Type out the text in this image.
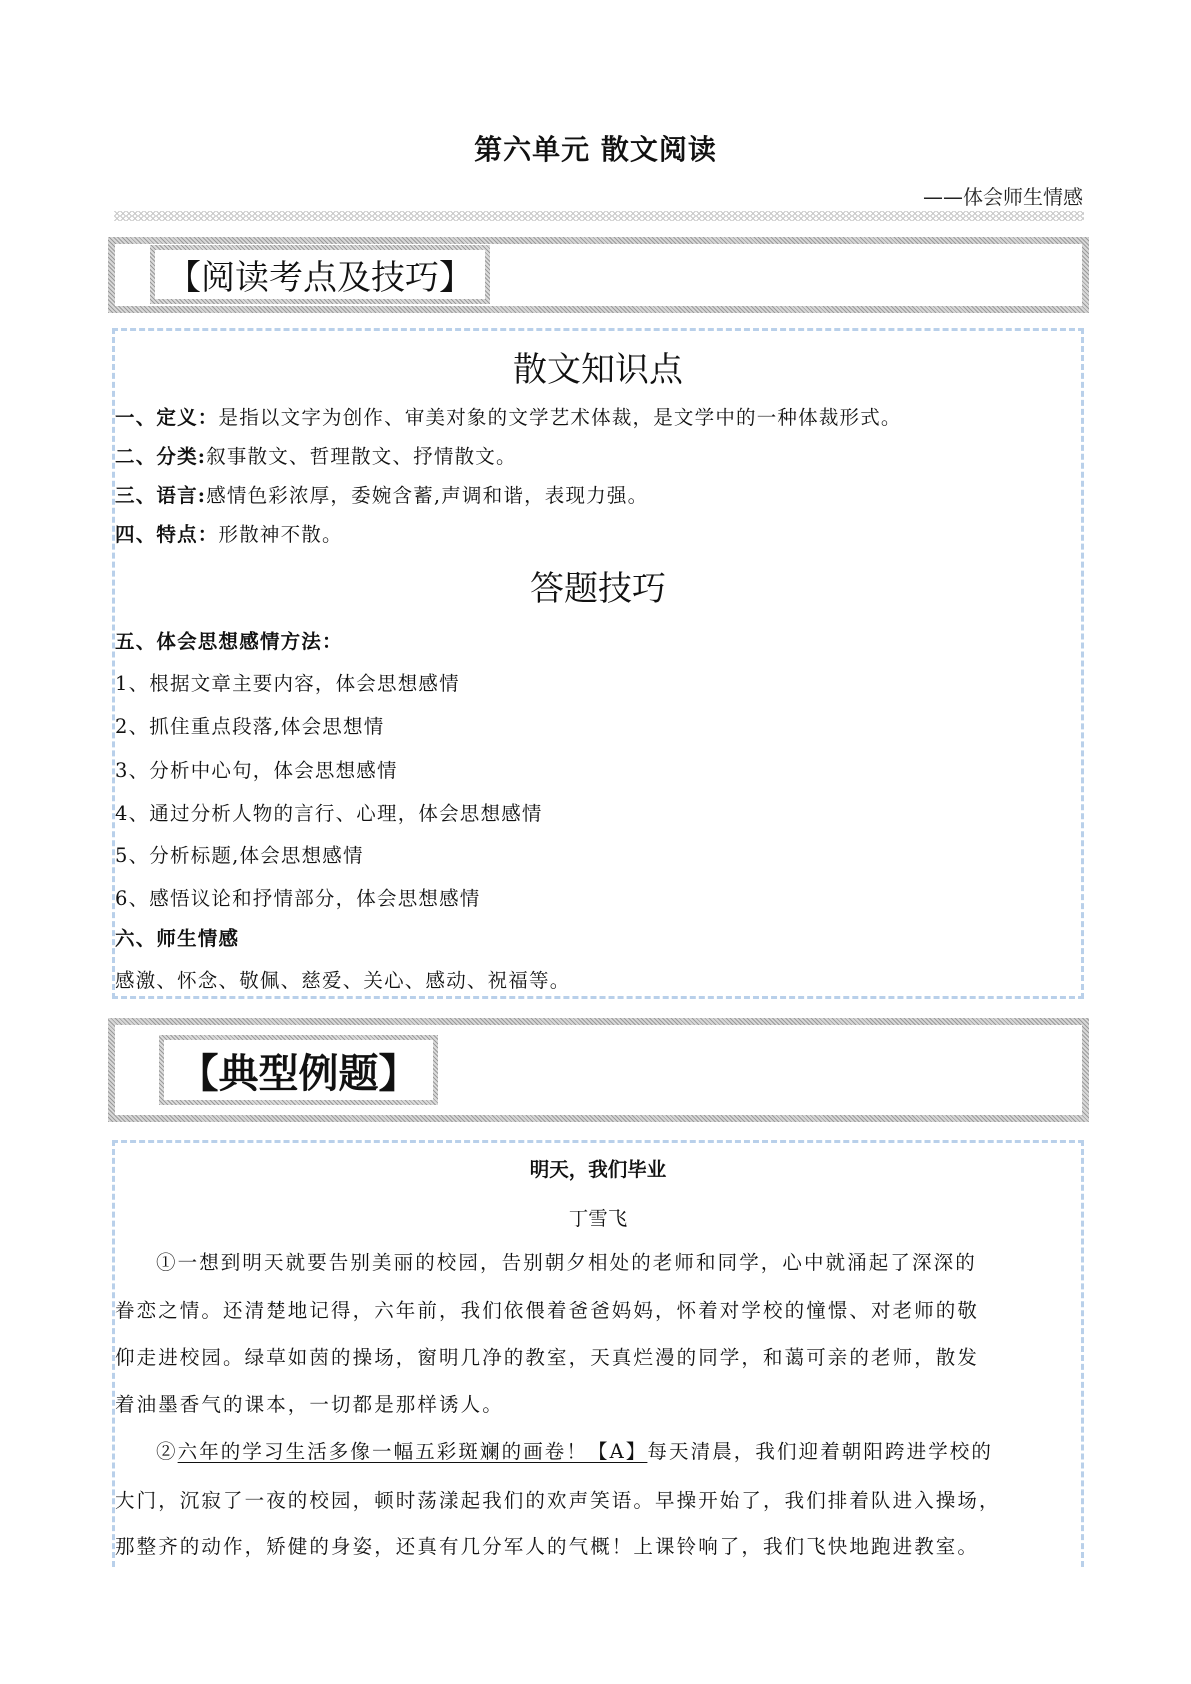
第六单元 散文阅读
——体会师生情感
【阅读考点及技巧】
散文知识点
一、定义：是指以文字为创作、审美对象的文学艺术体裁，是文学中的一种体裁形式。
二、分类:叙事散文、哲理散文、抒情散文。
三、语言:感情色彩浓厚，委婉含蓄,声调和谐，表现力强。
四、特点：形散神不散。
答题技巧
五、体会思想感情方法：
1、根据文章主要内容，体会思想感情
2、抓住重点段落,体会思想情
3、分析中心句，体会思想感情
4、通过分析人物的言行、心理，体会思想感情
5、分析标题,体会思想感情
6、感悟议论和抒情部分，体会思想感情
六、师生情感
感激、怀念、敬佩、慈爱、关心、感动、祝福等。
【典型例题】
明天，我们毕业
丁雪飞
①一想到明天就要告别美丽的校园，告别朝夕相处的老师和同学，心中就涌起了深深的
眷恋之情。还清楚地记得，六年前，我们依偎着爸爸妈妈，怀着对学校的憧憬、对老师的敬
仰走进校园。绿草如茵的操场，窗明几净的教室，天真烂漫的同学，和蔼可亲的老师，散发
着油墨香气的课本，一切都是那样诱人。
②六年的学习生活多像一幅五彩斑斓的画卷！【A】每天清晨，我们迎着朝阳跨进学校的
大门，沉寂了一夜的校园，顿时荡漾起我们的欢声笑语。早操开始了，我们排着队进入操场，
那整齐的动作，矫健的身姿，还真有几分军人的气概！上课铃响了，我们飞快地跑进教室。
